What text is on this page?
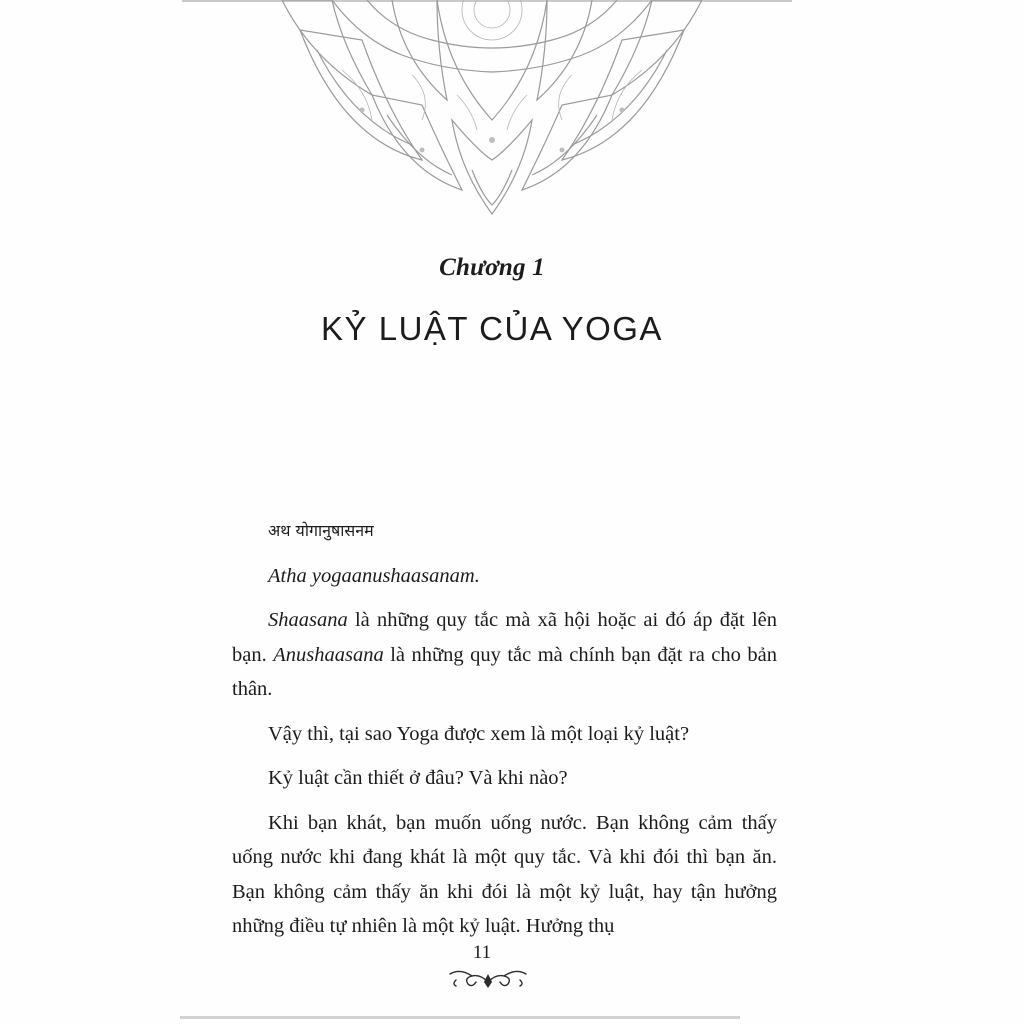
Chương 1
KỶ LUẬT CỦA YOGA

अथ योगानुषासनम

Atha yogaanushaasanam.

Shaasana là những quy tắc mà xã hội hoặc ai đó áp đặt lên bạn. Anushaasana là những quy tắc mà chính bạn đặt ra cho bản thân.

Vậy thì, tại sao Yoga được xem là một loại kỷ luật?

Kỷ luật cần thiết ở đâu? Và khi nào?

Khi bạn khát, bạn muốn uống nước. Bạn không cảm thấy uống nước khi đang khát là một quy tắc. Và khi đói thì bạn ăn. Bạn không cảm thấy ăn khi đói là một kỷ luật, hay tận hưởng những điều tự nhiên là một kỷ luật. Hưởng thụ

11
